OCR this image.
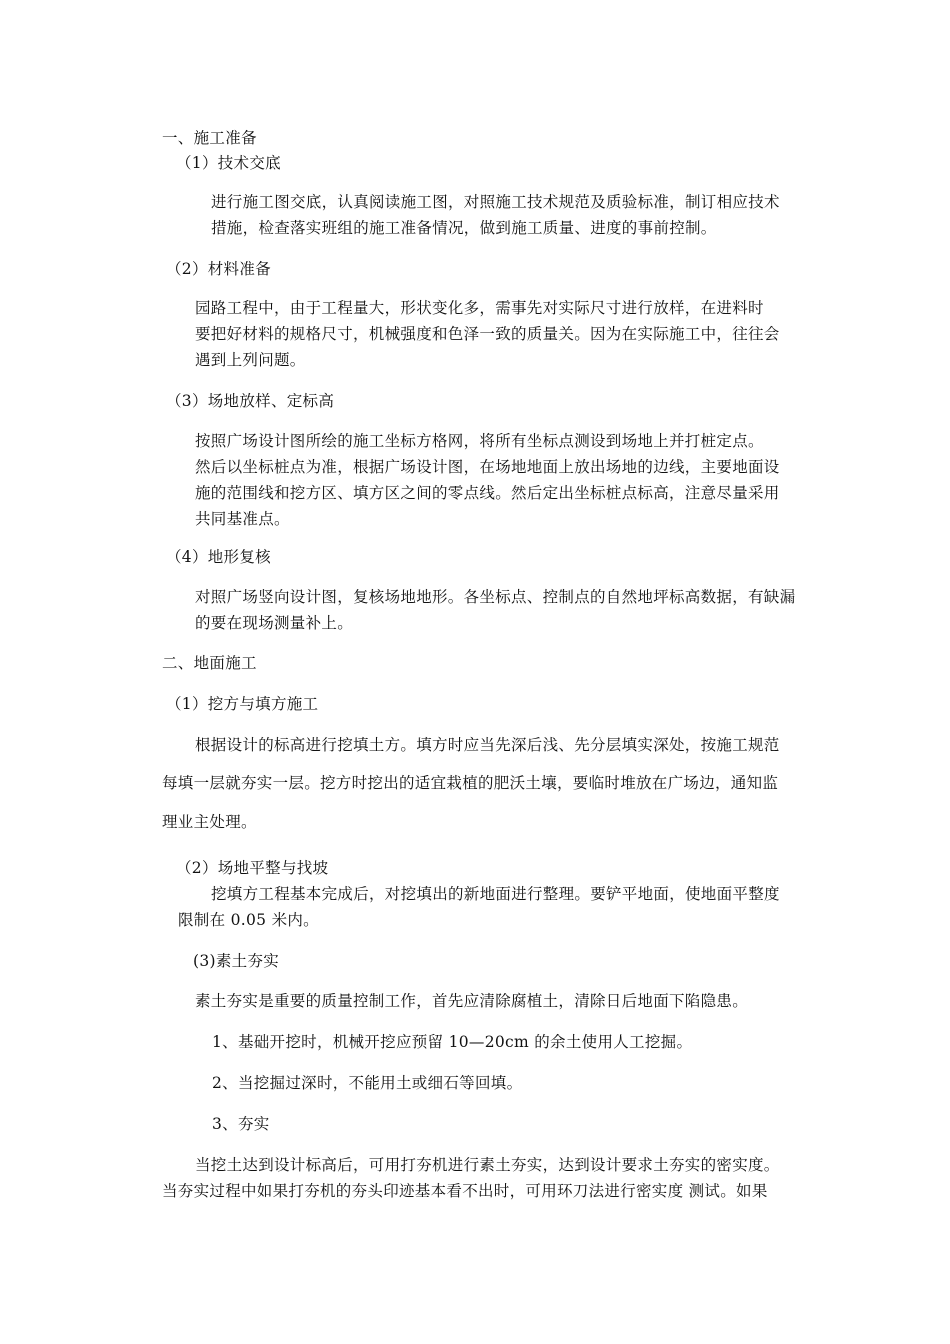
一、施工准备
（1）技术交底
进行施工图交底，认真阅读施工图，对照施工技术规范及质验标准，制订相应技术
措施，检查落实班组的施工准备情况，做到施工质量、进度的事前控制。
（2）材料准备
园路工程中，由于工程量大，形状变化多，需事先对实际尺寸进行放样，在进料时
要把好材料的规格尺寸，机械强度和色泽一致的质量关。因为在实际施工中，往往会
遇到上列问题。
（3）场地放样、定标高
按照广场设计图所绘的施工坐标方格网，将所有坐标点测设到场地上并打桩定点。
然后以坐标桩点为准，根据广场设计图，在场地地面上放出场地的边线，主要地面设
施的范围线和挖方区、填方区之间的零点线。然后定出坐标桩点标高，注意尽量采用
共同基准点。
（4）地形复核
对照广场竖向设计图，复核场地地形。各坐标点、控制点的自然地坪标高数据，有缺漏
的要在现场测量补上。
二、地面施工
（1）挖方与填方施工
根据设计的标高进行挖填土方。填方时应当先深后浅、先分层填实深处，按施工规范
每填一层就夯实一层。挖方时挖出的适宜栽植的肥沃土壤，要临时堆放在广场边，通知监
理业主处理。
（2）场地平整与找坡
挖填方工程基本完成后，对挖填出的新地面进行整理。要铲平地面，使地面平整度
限制在 0.05 米内。
(3)素土夯实
素土夯实是重要的质量控制工作，首先应清除腐植土，清除日后地面下陷隐患。
1、基础开挖时，机械开挖应预留 10—20cm 的余土使用人工挖掘。
2、当挖掘过深时，不能用土或细石等回填。
3、夯实
当挖土达到设计标高后，可用打夯机进行素土夯实，达到设计要求土夯实的密实度。
当夯实过程中如果打夯机的夯头印迹基本看不出时，可用环刀法进行密实度 测试。如果
